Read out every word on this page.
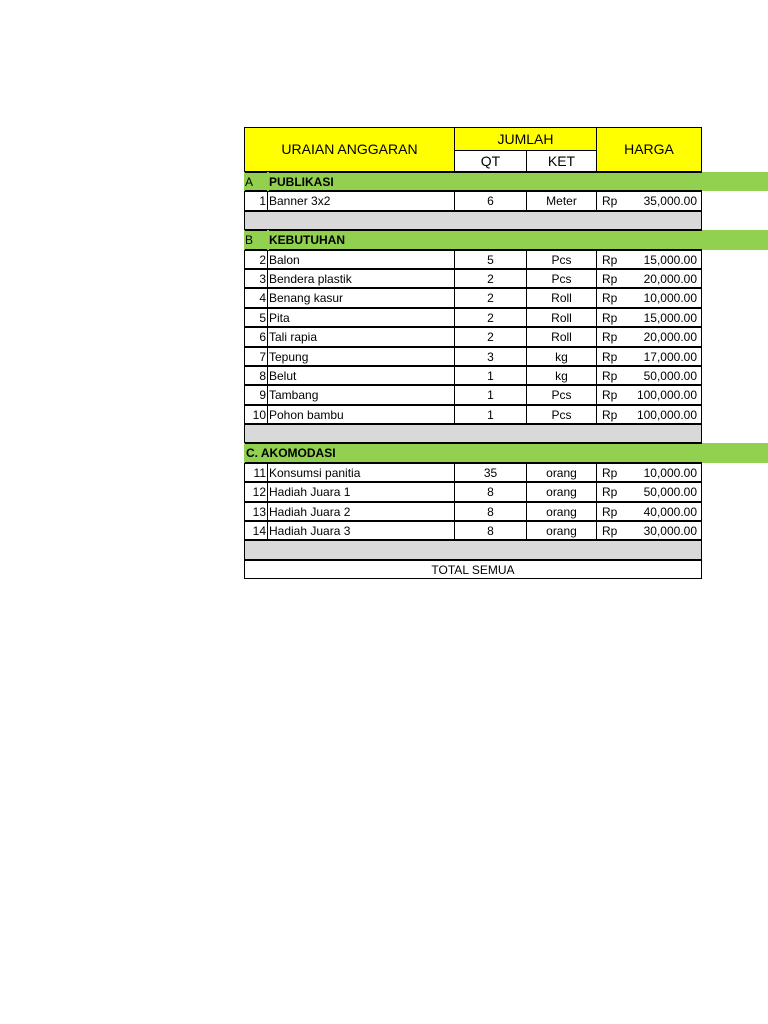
URAIAN ANGGARAN
JUMLAH
QT	KET
HARGA
A	PUBLIKASI
1 Banner 3x2	6	Meter	Rp	35,000.00
B	KEBUTUHAN
2 Balon	5	Pcs	Rp	15,000.00
3 Bendera plastik	2	Pcs	Rp	20,000.00
4 Benang kasur	2	Roll	Rp	10,000.00
5 Pita	2	Roll	Rp	15,000.00
6 Tali rapia	2	Roll	Rp	20,000.00
7 Tepung	3	kg	Rp	17,000.00
8 Belut	1	kg	Rp	50,000.00
9 Tambang	1	Pcs	Rp	100,000.00
10 Pohon bambu	1	Pcs	Rp	100,000.00
C. AKOMODASI
11 Konsumsi panitia	35	orang	Rp	10,000.00
12 Hadiah Juara 1	8	orang	Rp	50,000.00
13 Hadiah Juara 2	8	orang	Rp	40,000.00
14 Hadiah Juara 3	8	orang	Rp	30,000.00
TOTAL SEMUA
